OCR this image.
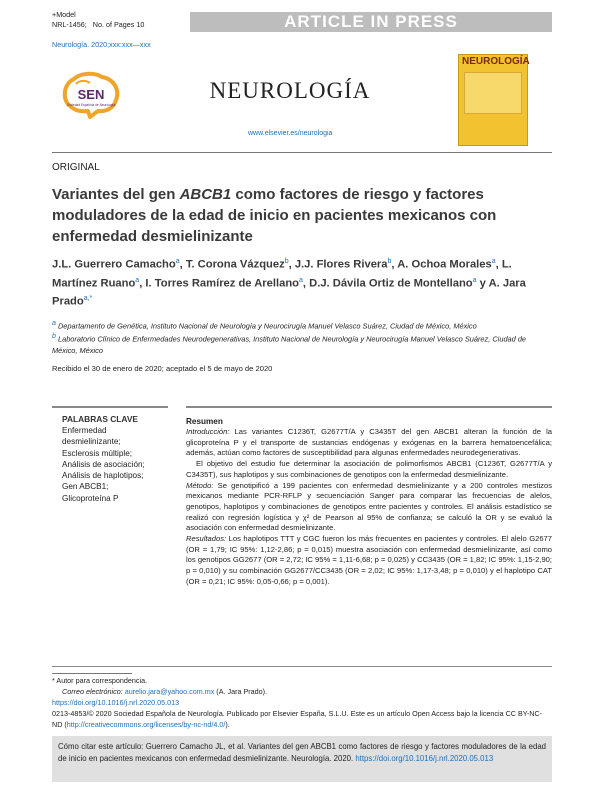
+Model
NRL-1456; No. of Pages 10	ARTICLE IN PRESS
Neurología. 2020;xxx:xxx—xxx
SEN
Sociedad Española de Neurología
NEUROLOGÍA
www.elsevier.es/neurologia
NEUROLOGÍA
ORIGINAL
Variantes del gen ABCB1 como factores de riesgo y factores moduladores de la edad de inicio en pacientes mexicanos con enfermedad desmielinizante
J.L. Guerrero Camacho$^a$, T. Corona Vázquez$^b$, J.J. Flores Rivera$^b$, A. Ochoa Morales$^a$, L. Martínez Ruano$^a$, I. Torres Ramírez de Arellano$^a$, D.J. Dávila Ortiz de Montellano$^a$ y A. Jara Prado$^{a,*}$
$^a$ Departamento de Genética, Instituto Nacional de Neurología y Neurocirugía Manuel Velasco Suárez, Ciudad de México, México
$^b$ Laboratorio Clínico de Enfermedades Neurodegenerativas, Instituto Nacional de Neurología y Neurocirugía Manuel Velasco Suárez, Ciudad de México, México
Recibido el 30 de enero de 2020; aceptado el 5 de mayo de 2020
PALABRAS CLAVE
Enfermedad desmielinizante;
Esclerosis múltiple;
Análisis de asociación;
Análisis de haplotipos;
Gen ABCB1;
Glicoproteína P
Resumen

Introducción: Las variantes C1236T, G2677T/A y C3435T del gen ABCB1 alteran la función de la glicoproteína P y el transporte de sustancias endógenas y exógenas en la barrera hematoencefálica; además, actúan como factores de susceptibilidad para algunas enfermedades neurodegenerativas.

El objetivo del estudio fue determinar la asociación de polimorfismos ABCB1 (C1236T, G2677T/A y C3435T), sus haplotipos y sus combinaciones de genotipos con la enfermedad desmielinizante.

Método: Se genotipificó a 199 pacientes con enfermedad desmielinizante y a 200 controles mestizos mexicanos mediante PCR-RFLP y secuenciación Sanger para comparar las frecuencias de alelos, genotipos, haplotipos y combinaciones de genotipos entre pacientes y controles. El análisis estadístico se realizó con regresión logística y χ² de Pearson al 95% de confianza; se calculó la OR y se evaluó la asociación con enfermedad desmielinizante.

Resultados: Los haplotipos TTT y CGC fueron los más frecuentes en pacientes y controles. El alelo G2677 (OR = 1,79; IC 95%: 1,12-2,86; p = 0,015) muestra asociación con enfermedad desmielinizante, así como los genotipos GG2677 (OR = 2,72; IC 95% = 1,11-6,68; p = 0,025) y CC3435 (OR = 1,82; IC 95%: 1,15-2,90; p = 0,010) y su combinación GG2677/CC3435 (OR = 2,02; IC 95%: 1,17-3,48; p = 0,010) y el haplotipo CAT (OR = 0,21; IC 95%: 0,05-0,66; p = 0,001).

* Autor para correspondencia.
Correo electrónico: aurelio.jara@yahoo.com.mx (A. Jara Prado).
https://doi.org/10.1016/j.nrl.2020.05.013
0213-4853/© 2020 Sociedad Española de Neurología. Publicado por Elsevier España, S.L.U. Este es un artículo Open Access bajo la licencia CC BY-NC-ND (http://creativecommons.org/licenses/by-nc-nd/4.0/).
Cómo citar este artículo: Guerrero Camacho JL, et al. Variantes del gen ABCB1 como factores de riesgo y factores moduladores de la edad de inicio en pacientes mexicanos con enfermedad desmielinizante. Neurología. 2020. https://doi.org/10.1016/j.nrl.2020.05.013
